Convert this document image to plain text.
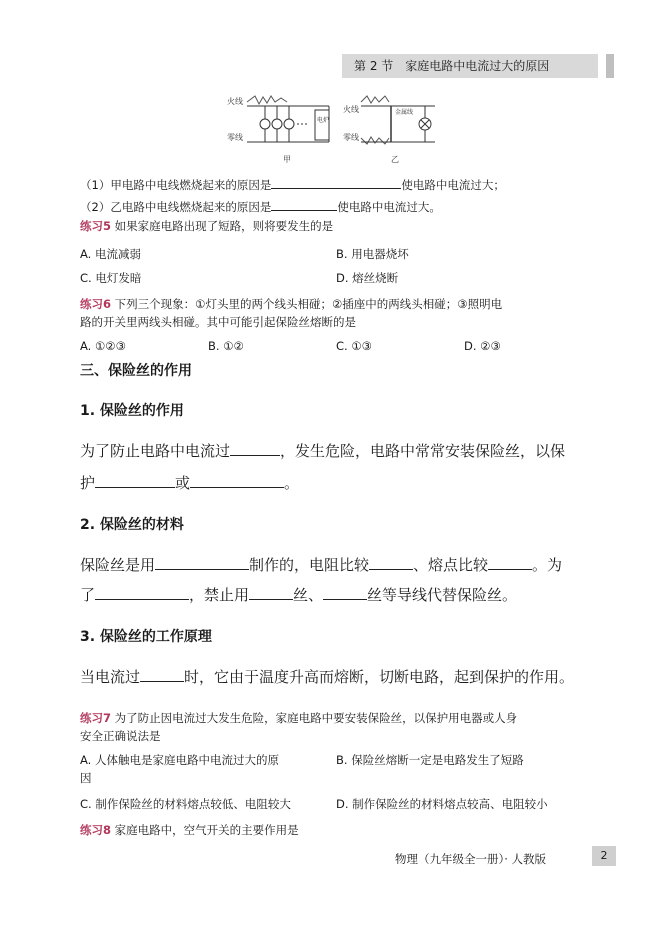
第 2 节　家庭电路中电流过大的原因
火线
零线
电炉
甲
火线
零线
金属线
乙
（1）甲电路中电线燃烧起来的原因是	使电路中电流过大；
（2）乙电路中电线燃烧起来的原因是	使电路中电流过大。
练习5 如果家庭电路出现了短路，则将要发生的是
A. 电流减弱	B. 用电器烧坏
C. 电灯发暗	D. 熔丝烧断
练习6 下列三个现象：①灯头里的两个线头相碰；②插座中的两线头相碰；③照明电
路的开关里两线头相碰。其中可能引起保险丝熔断的是
A. ①②③	B. ①②	C. ①③	D. ②③
三、保险丝的作用
1. 保险丝的作用
为了防止电路中电流过	，发生危险，电路中常常安装保险丝，以保
护	或	。
2. 保险丝的材料
保险丝是用	制作的，电阻比较	、熔点比较	。为
了	，禁止用	丝、	丝等导线代替保险丝。
3. 保险丝的工作原理
当电流过	时，它由于温度升高而熔断，切断电路，起到保护的作用。
练习7 为了防止因电流过大发生危险，家庭电路中要安装保险丝，以保护用电器或人身
安全正确说法是
A. 人体触电是家庭电路中电流过大的原
因
B. 保险丝熔断一定是电路发生了短路
C. 制作保险丝的材料熔点较低、电阻较大	D. 制作保险丝的材料熔点较高、电阻较小
练习8 家庭电路中，空气开关的主要作用是
物理（九年级全一册）· 人教版	2
